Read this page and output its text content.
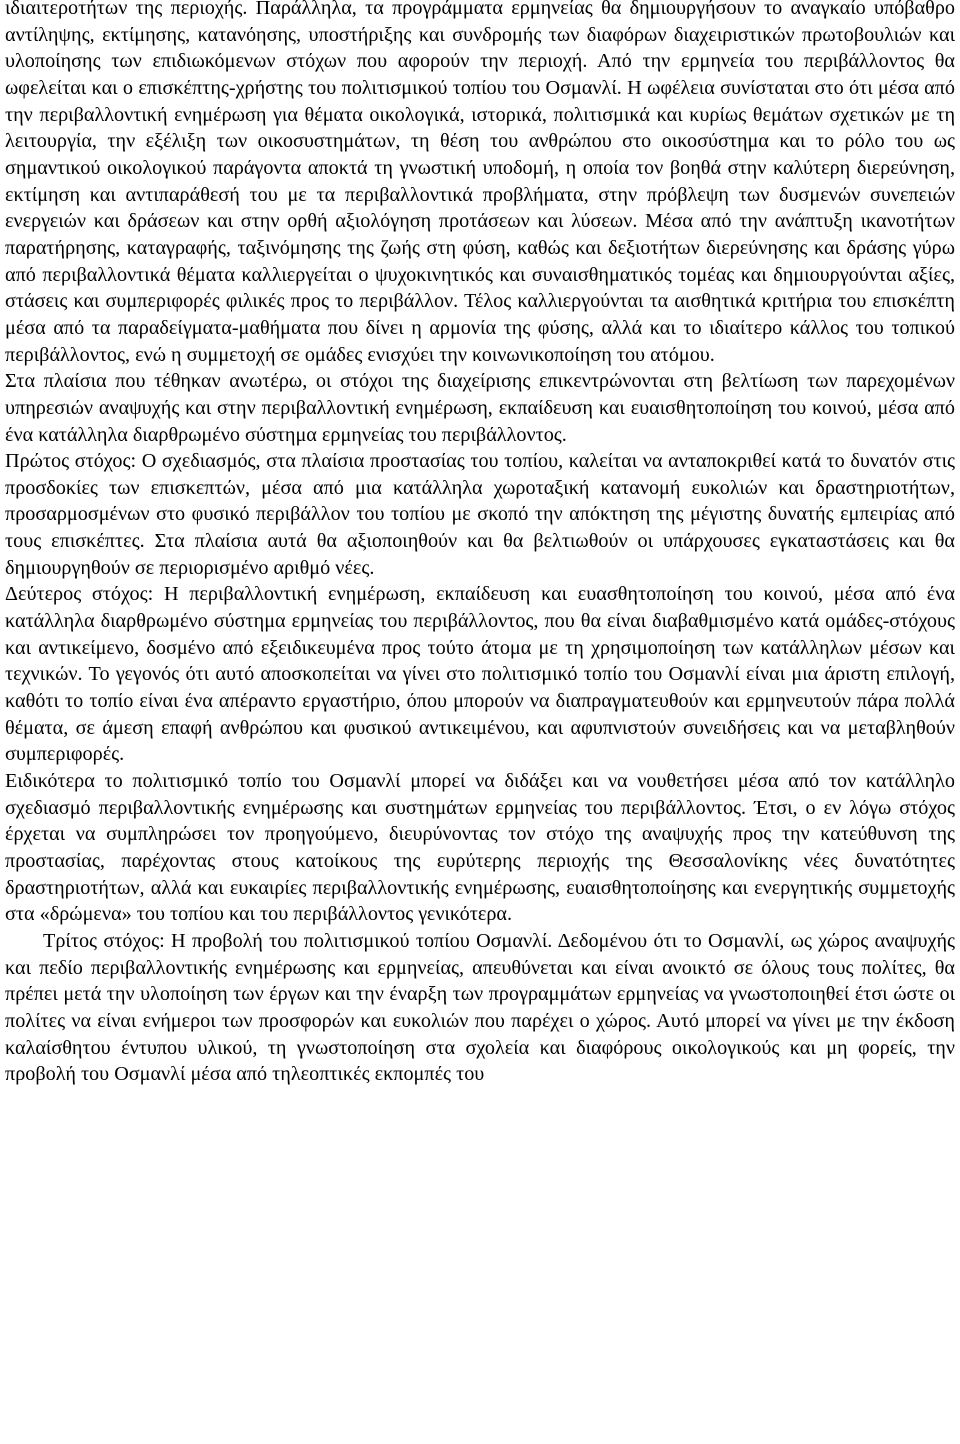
ιδιαιτεροτήτων της περιοχής. Παράλληλα, τα προγράμματα ερμηνείας θα δημιουργήσουν το αναγκαίο υπόβαθρο αντίληψης, εκτίμησης, κατανόησης, υποστήριξης και συνδρομής των διαφόρων διαχειριστικών πρωτοβουλιών και υλοποίησης των επιδιωκόμενων στόχων που αφορούν την περιοχή. Από την ερμηνεία του περιβάλλοντος θα ωφελείται και ο επισκέπτης-χρήστης του πολιτισμικού τοπίου του Οσμανλί. Η ωφέλεια συνίσταται στο ότι μέσα από την περιβαλλοντική ενημέρωση για θέματα οικολογικά, ιστορικά, πολιτισμικά και κυρίως θεμάτων σχετικών με τη λειτουργία, την εξέλιξη των οικοσυστημάτων, τη θέση του ανθρώπου στο οικοσύστημα και το ρόλο του ως σημαντικού οικολογικού παράγοντα αποκτά τη γνωστική υποδομή, η οποία τον βοηθά στην καλύτερη διερεύνηση, εκτίμηση και αντιπαράθεσή του με τα περιβαλλοντικά προβλήματα, στην πρόβλεψη των δυσμενών συνεπειών ενεργειών και δράσεων και στην ορθή αξιολόγηση προτάσεων και λύσεων. Μέσα από την ανάπτυξη ικανοτήτων παρατήρησης, καταγραφής, ταξινόμησης της ζωής στη φύση, καθώς και δεξιοτήτων διερεύνησης και δράσης γύρω από περιβαλλοντικά θέματα καλλιεργείται ο ψυχοκινητικός και συναισθηματικός τομέας και δημιουργούνται αξίες, στάσεις και συμπεριφορές φιλικές προς το περιβάλλον. Τέλος καλλιεργούνται τα αισθητικά κριτήρια του επισκέπτη μέσα από τα παραδείγματα-μαθήματα που δίνει η αρμονία της φύσης, αλλά και το ιδιαίτερο κάλλος του τοπικού περιβάλλοντος, ενώ η συμμετοχή σε ομάδες ενισχύει την κοινωνικοποίηση του ατόμου.

Στα πλαίσια που τέθηκαν ανωτέρω, οι στόχοι της διαχείρισης επικεντρώνονται στη βελτίωση των παρεχομένων υπηρεσιών αναψυχής και στην περιβαλλοντική ενημέρωση, εκπαίδευση και ευαισθητοποίηση του κοινού, μέσα από ένα κατάλληλα διαρθρωμένο σύστημα ερμηνείας του περιβάλλοντος.

Πρώτος στόχος: Ο σχεδιασμός, στα πλαίσια προστασίας του τοπίου, καλείται να ανταποκριθεί κατά το δυνατόν στις προσδοκίες των επισκεπτών, μέσα από μια κατάλληλα χωροταξική κατανομή ευκολιών και δραστηριοτήτων, προσαρμοσμένων στο φυσικό περιβάλλον του τοπίου με σκοπό την απόκτηση της μέγιστης δυνατής εμπειρίας από τους επισκέπτες. Στα πλαίσια αυτά θα αξιοποιηθούν και θα βελτιωθούν οι υπάρχουσες εγκαταστάσεις και θα δημιουργηθούν σε περιορισμένο αριθμό νέες.

Δεύτερος στόχος: Η περιβαλλοντική ενημέρωση, εκπαίδευση και ευασθητοποίηση του κοινού, μέσα από ένα κατάλληλα διαρθρωμένο σύστημα ερμηνείας του περιβάλλοντος, που θα είναι διαβαθμισμένο κατά ομάδες-στόχους και αντικείμενο, δοσμένο από εξειδικευμένα προς τούτο άτομα με τη χρησιμοποίηση των κατάλληλων μέσων και τεχνικών. Το γεγονός ότι αυτό αποσκοπείται να γίνει στο πολιτισμικό τοπίο του Οσμανλί είναι μια άριστη επιλογή, καθότι το τοπίο είναι ένα απέραντο εργαστήριο, όπου μπορούν να διαπραγματευθούν και ερμηνευτούν πάρα πολλά θέματα, σε άμεση επαφή ανθρώπου και φυσικού αντικειμένου, και αφυπνιστούν συνειδήσεις και να μεταβληθούν συμπεριφορές.

Ειδικότερα το πολιτισμικό τοπίο του Οσμανλί μπορεί να διδάξει και να νουθετήσει μέσα από τον κατάλληλο σχεδιασμό περιβαλλοντικής ενημέρωσης και συστημάτων ερμηνείας του περιβάλλοντος. Έτσι, ο εν λόγω στόχος έρχεται να συμπληρώσει τον προηγούμενο, διευρύνοντας τον στόχο της αναψυχής προς την κατεύθυνση της προστασίας, παρέχοντας στους κατοίκους της ευρύτερης περιοχής της Θεσσαλονίκης νέες δυνατότητες δραστηριοτήτων, αλλά και ευκαιρίες περιβαλλοντικής ενημέρωσης, ευαισθητοποίησης και ενεργητικής συμμετοχής στα «δρώμενα» του τοπίου και του περιβάλλοντος γενικότερα.

Τρίτος στόχος: Η προβολή του πολιτισμικού τοπίου Οσμανλί. Δεδομένου ότι το Οσμανλί, ως χώρος αναψυχής και πεδίο περιβαλλοντικής ενημέρωσης και ερμηνείας, απευθύνεται και είναι ανοικτό σε όλους τους πολίτες, θα πρέπει μετά την υλοποίηση των έργων και την έναρξη των προγραμμάτων ερμηνείας να γνωστοποιηθεί έτσι ώστε οι πολίτες να είναι ενήμεροι των προσφορών και ευκολιών που παρέχει ο χώρος. Αυτό μπορεί να γίνει με την έκδοση καλαίσθητου έντυπου υλικού, τη γνωστοποίηση στα σχολεία και διαφόρους οικολογικούς και μη φορείς, την προβολή του Οσμανλί μέσα από τηλεοπτικές εκπομπές του
